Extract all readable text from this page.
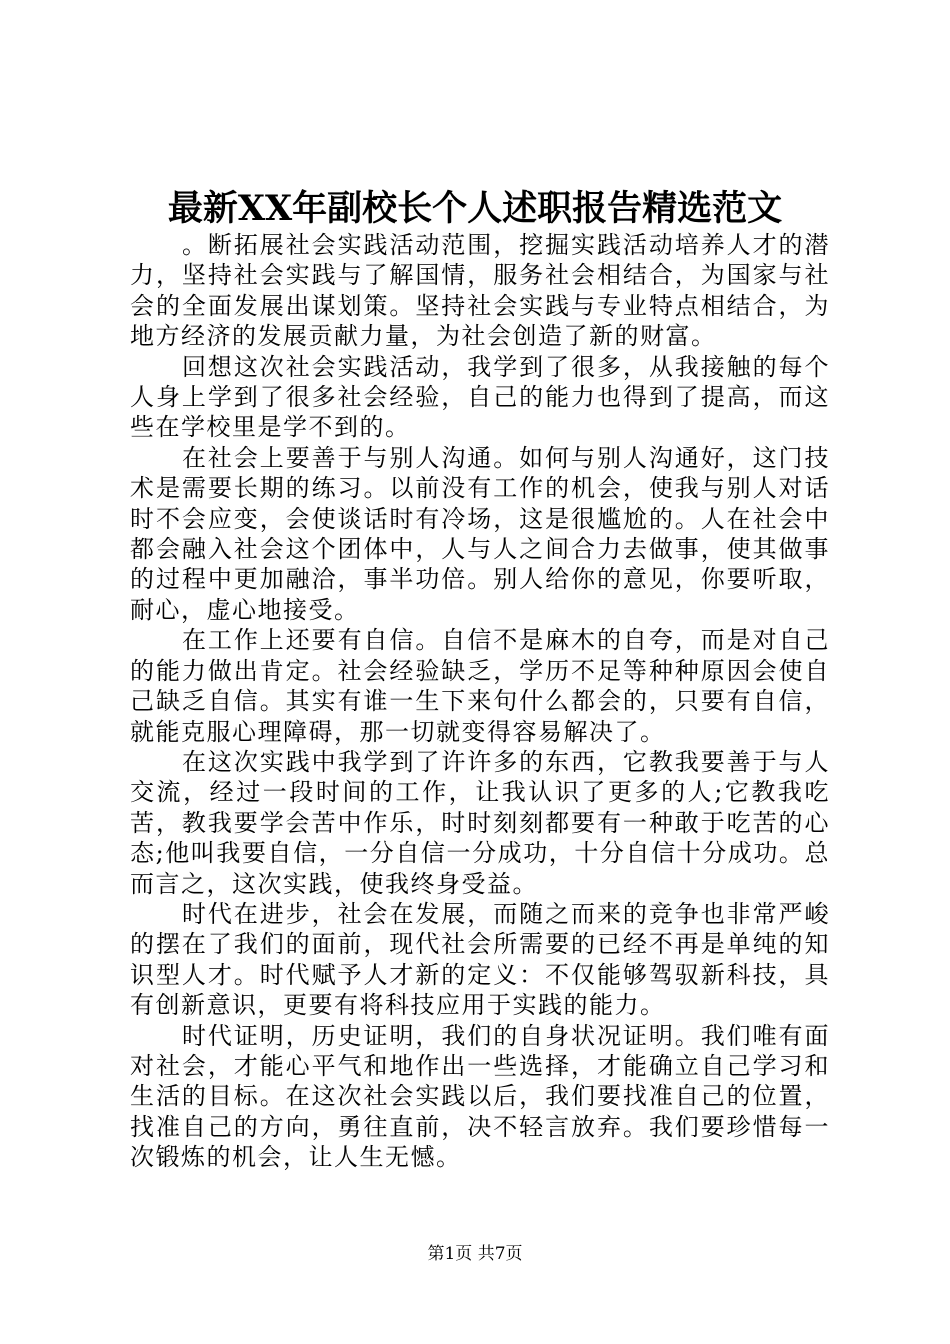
最新XX年副校长个人述职报告精选范文

。断拓展社会实践活动范围，挖掘实践活动培养人才的潜力，坚持社会实践与了解国情，服务社会相结合，为国家与社会的全面发展出谋划策。坚持社会实践与专业特点相结合，为地方经济的发展贡献力量，为社会创造了新的财富。

回想这次社会实践活动，我学到了很多，从我接触的每个人身上学到了很多社会经验，自己的能力也得到了提高，而这些在学校里是学不到的。

在社会上要善于与别人沟通。如何与别人沟通好，这门技术是需要长期的练习。以前没有工作的机会，使我与别人对话时不会应变，会使谈话时有冷场，这是很尴尬的。人在社会中都会融入社会这个团体中，人与人之间合力去做事，使其做事的过程中更加融洽，事半功倍。别人给你的意见，你要听取，耐心，虚心地接受。

在工作上还要有自信。自信不是麻木的自夸，而是对自己的能力做出肯定。社会经验缺乏，学历不足等种种原因会使自己缺乏自信。其实有谁一生下来句什么都会的，只要有自信，就能克服心理障碍，那一切就变得容易解决了。

在这次实践中我学到了许许多的东西，它教我要善于与人交流，经过一段时间的工作，让我认识了更多的人;它教我吃苦，教我要学会苦中作乐，时时刻刻都要有一种敢于吃苦的心态;他叫我要自信，一分自信一分成功，十分自信十分成功。总而言之，这次实践，使我终身受益。

时代在进步，社会在发展，而随之而来的竞争也非常严峻的摆在了我们的面前，现代社会所需要的已经不再是单纯的知识型人才。时代赋予人才新的定义：不仅能够驾驭新科技，具有创新意识，更要有将科技应用于实践的能力。

时代证明，历史证明，我们的自身状况证明。我们唯有面对社会，才能心平气和地作出一些选择，才能确立自己学习和生活的目标。在这次社会实践以后，我们要找准自己的位置，找准自己的方向，勇往直前，决不轻言放弃。我们要珍惜每一次锻炼的机会，让人生无憾。

第1页 共7页
